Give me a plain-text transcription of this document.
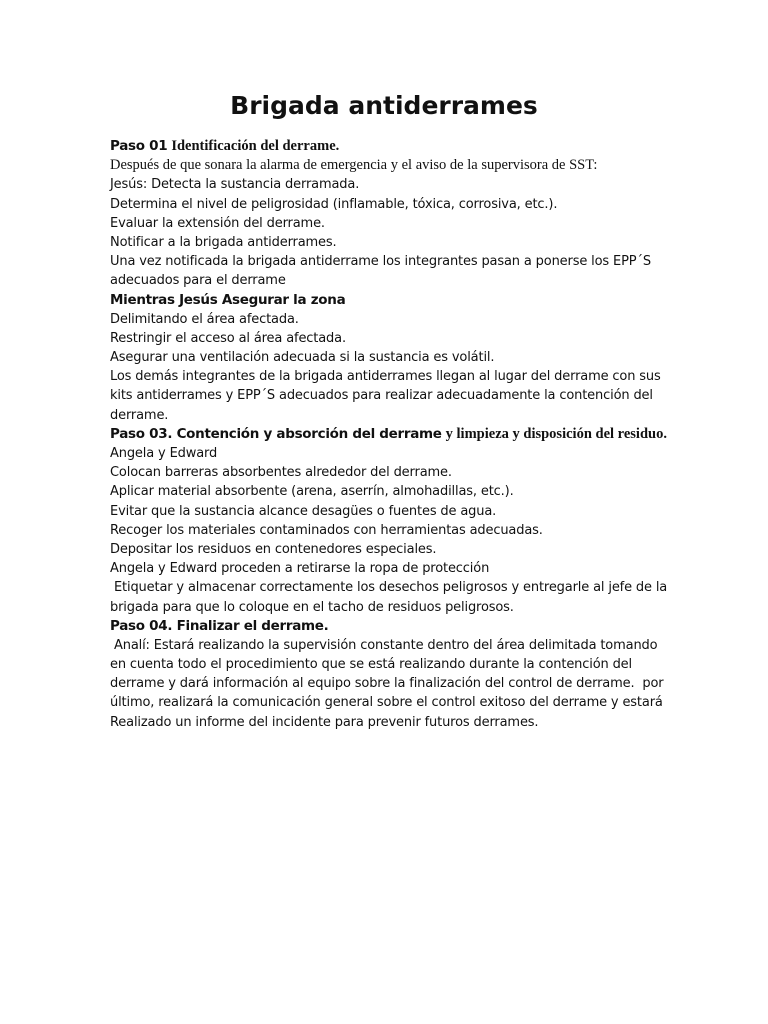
Brigada antiderrames
Paso 01 Identificación del derrame.
Después de que sonara la alarma de emergencia y el aviso de la supervisora de SST:
Jesús: Detecta la sustancia derramada.
Determina el nivel de peligrosidad (inflamable, tóxica, corrosiva, etc.).
Evaluar la extensión del derrame.
Notificar a la brigada antiderrames.
Una vez notificada la brigada antiderrame los integrantes pasan a ponerse los EPP´S
adecuados para el derrame
Mientras Jesús Asegurar la zona
Delimitando el área afectada.
Restringir el acceso al área afectada.
Asegurar una ventilación adecuada si la sustancia es volátil.
Los demás integrantes de la brigada antiderrames llegan al lugar del derrame con sus
kits antiderrames y EPP´S adecuados para realizar adecuadamente la contención del
derrame.
Paso 03. Contención y absorción del derrame y limpieza y disposición del residuo.
Angela y Edward
Colocan barreras absorbentes alrededor del derrame.
Aplicar material absorbente (arena, aserrín, almohadillas, etc.).
Evitar que la sustancia alcance desagües o fuentes de agua.
Recoger los materiales contaminados con herramientas adecuadas.
Depositar los residuos en contenedores especiales.
Angela y Edward proceden a retirarse la ropa de protección
Etiquetar y almacenar correctamente los desechos peligrosos y entregarle al jefe de la
brigada para que lo coloque en el tacho de residuos peligrosos.
Paso 04. Finalizar el derrame.
Analí: Estará realizando la supervisión constante dentro del área delimitada tomando
en cuenta todo el procedimiento que se está realizando durante la contención del
derrame y dará información al equipo sobre la finalización del control de derrame.  por
último, realizará la comunicación general sobre el control exitoso del derrame y estará
Realizado un informe del incidente para prevenir futuros derrames.
